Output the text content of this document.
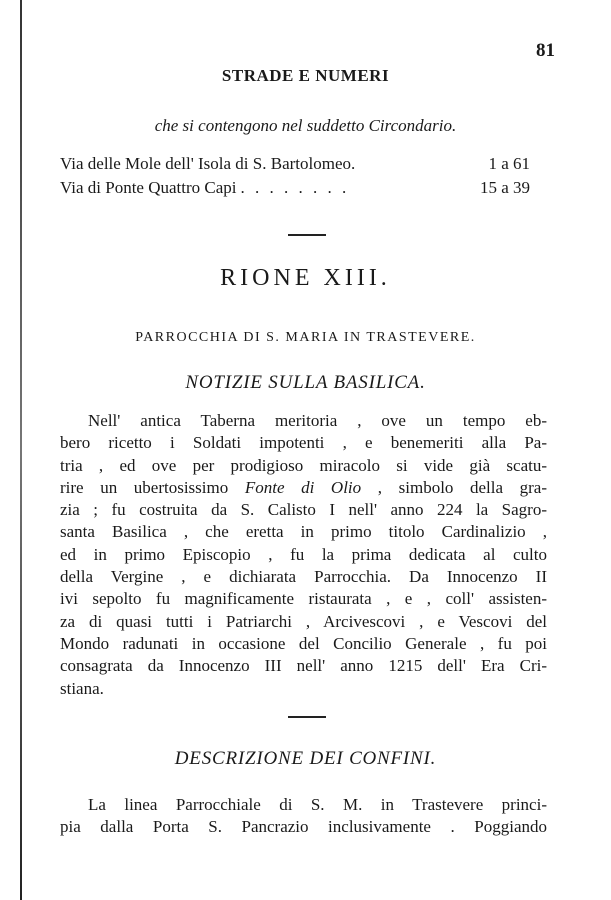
81
STRADE E NUMERI
che si contengono nel suddetto Circondario.
Via delle Mole dell' Isola di S. Bartolomeo.	1 a 61
Via di Ponte Quattro Capi . . . . . . . .	15 a 39
RIONE XIII.
PARROCCHIA DI S. MARIA IN TRASTEVERE.
NOTIZIE SULLA BASILICA.
Nell' antica Taberna meritoria , ove un tempo eb-
bero ricetto i Soldati impotenti , e benemeriti alla Pa-
tria , ed ove per prodigioso miracolo si vide già scatu-
rire un ubertosissimo Fonte di Olio , simbolo della gra-
zia ; fu costruita da S. Calisto I nell' anno 224 la Sagro-
santa Basilica , che eretta in primo titolo Cardinalizio ,
ed in primo Episcopio , fu la prima dedicata al culto
della Vergine , e dichiarata Parrocchia. Da Innocenzo II
ivi sepolto fu magnificamente ristaurata , e , coll' assisten-
za di quasi tutti i Patriarchi , Arcivescovi , e Vescovi del
Mondo radunati in occasione del Concilio Generale , fu poi
consagrata da Innocenzo III nell' anno 1215 dell' Era Cri-
stiana.
DESCRIZIONE DEI CONFINI.
La linea Parrocchiale di S. M. in Trastevere princi-
pia dalla Porta S. Pancrazio inclusivamente . Poggiando
